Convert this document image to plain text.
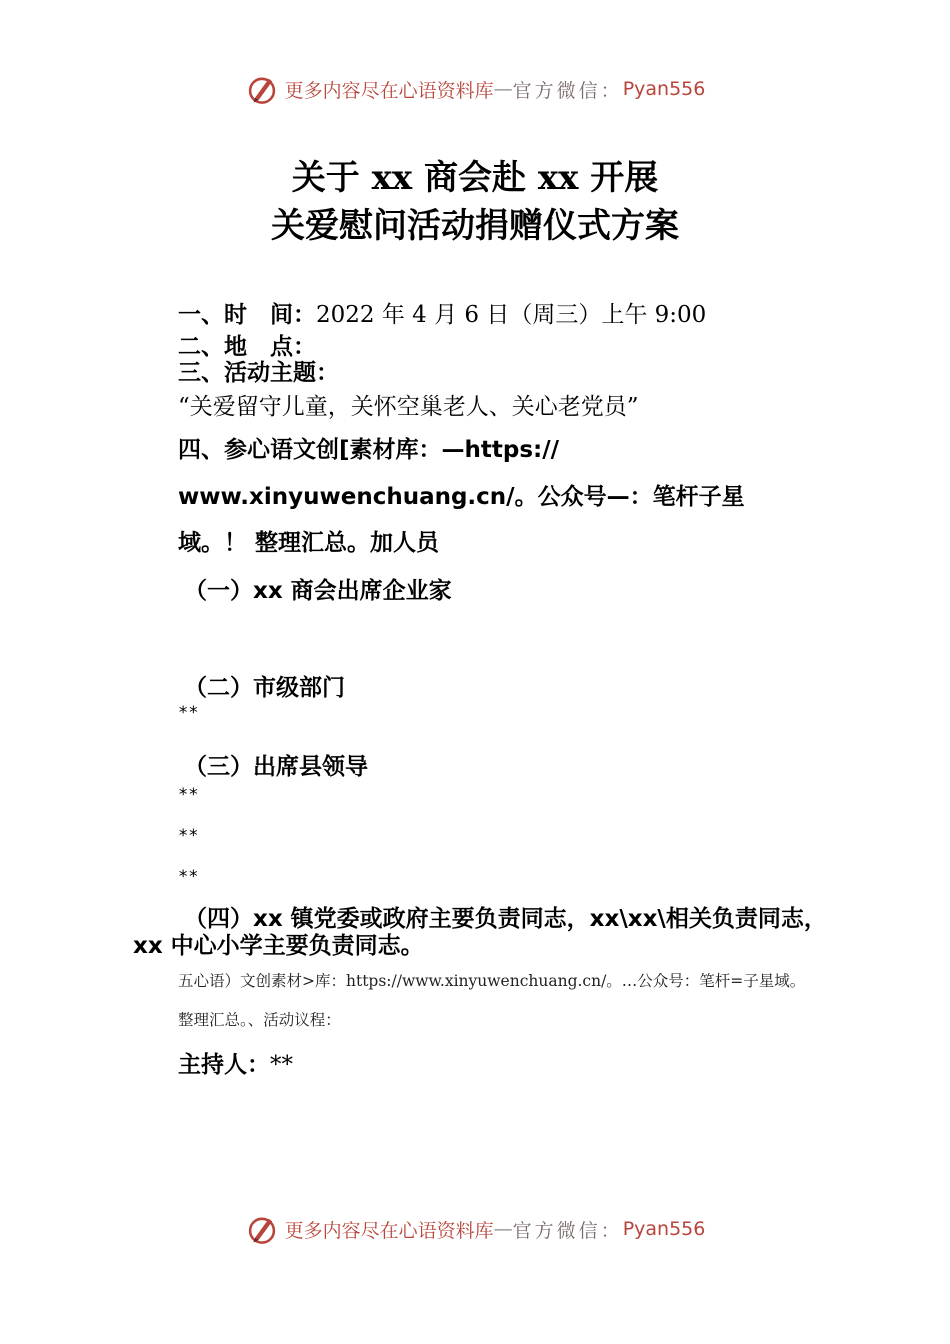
更多内容尽在心语资料库 — 官方微信： Pyan556
关于 xx 商会赴 xx 开展
关爱慰问活动捐赠仪式方案
一、时　间：2022 年 4 月 6 日（周三）上午 9:00
二、地　点：
三、活动主题：
“关爱留守儿童，关怀空巢老人、关心老党员”
四、参心语文创[素材库：—https://
www.xinyuwenchuang.cn/。公众号—：笔杆子星
域。！ 整理汇总。加人员
（一）xx 商会出席企业家
（二）市级部门
**
（三）出席县领导
**
**
**
（四）xx 镇党委或政府主要负责同志，xx\xx\相关负责同志，
xx 中心小学主要负责同志。
五心语）文创素材>库：https://www.xinyuwenchuang.cn/。…公众号：笔杆=子星域。
整理汇总。、活动议程：
主持人：**
更多内容尽在心语资料库 — 官方微信： Pyan556
